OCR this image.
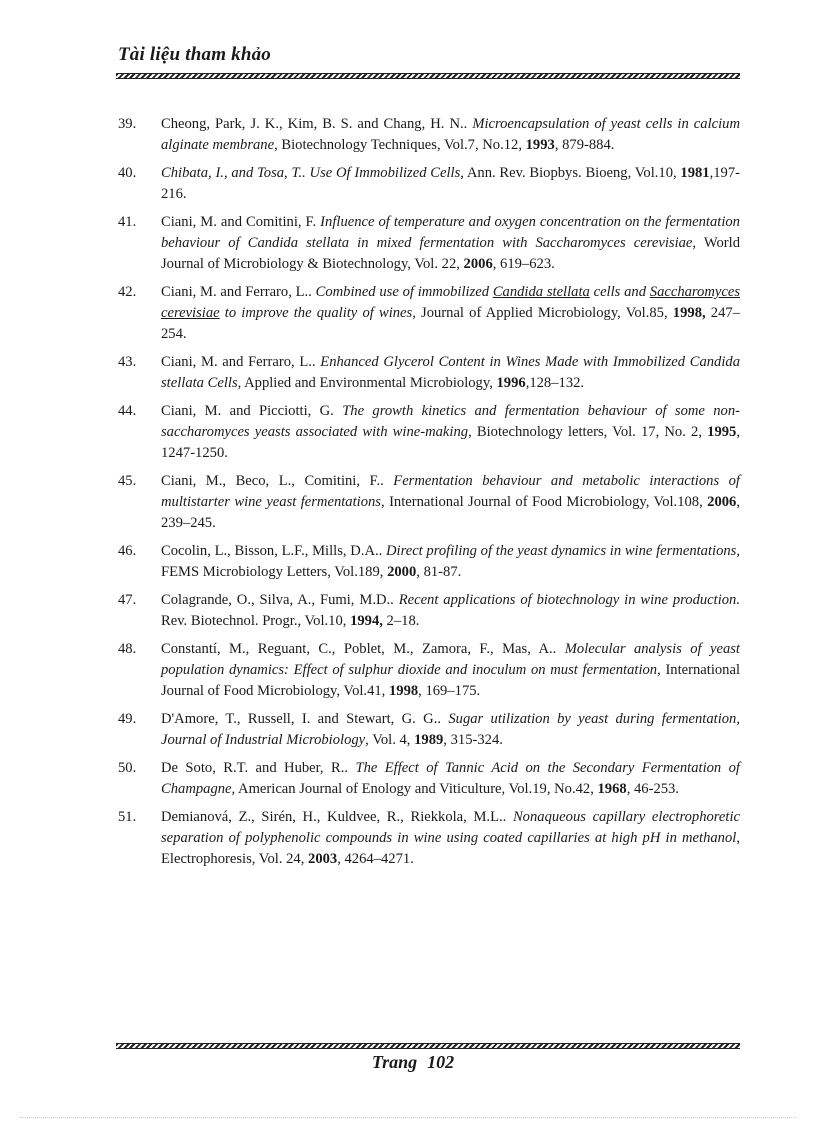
Tài liệu tham khảo
39. Cheong, Park, J. K., Kim, B. S. and Chang, H. N.. Microencapsulation of yeast cells in calcium alginate membrane, Biotechnology Techniques, Vol.7, No.12, 1993, 879-884.
40. Chibata, I., and Tosa, T.. Use Of Immobilized Cells, Ann. Rev. Biopbys. Bioeng, Vol.10, 1981,197-216.
41. Ciani, M. and Comitini, F. Influence of temperature and oxygen concentration on the fermentation behaviour of Candida stellata in mixed fermentation with Saccharomyces cerevisiae, World Journal of Microbiology & Biotechnology, Vol. 22, 2006, 619–623.
42. Ciani, M. and Ferraro, L.. Combined use of immobilized Candida stellata cells and Saccharomyces cerevisiae to improve the quality of wines, Journal of Applied Microbiology, Vol.85, 1998, 247–254.
43. Ciani, M. and Ferraro, L.. Enhanced Glycerol Content in Wines Made with Immobilized Candida stellata Cells, Applied and Environmental Microbiology, 1996,128–132.
44. Ciani, M. and Picciotti, G. The growth kinetics and fermentation behaviour of some non-saccharomyces yeasts associated with wine-making, Biotechnology letters, Vol. 17, No. 2, 1995, 1247-1250.
45. Ciani, M., Beco, L., Comitini, F.. Fermentation behaviour and metabolic interactions of multistarter wine yeast fermentations, International Journal of Food Microbiology, Vol.108, 2006, 239–245.
46. Cocolin, L., Bisson, L.F., Mills, D.A.. Direct profiling of the yeast dynamics in wine fermentations, FEMS Microbiology Letters, Vol.189, 2000, 81-87.
47. Colagrande, O., Silva, A., Fumi, M.D.. Recent applications of biotechnology in wine production. Rev. Biotechnol. Progr., Vol.10, 1994, 2–18.
48. Constantí, M., Reguant, C., Poblet, M., Zamora, F., Mas, A.. Molecular analysis of yeast population dynamics: Effect of sulphur dioxide and inoculum on must fermentation, International Journal of Food Microbiology, Vol.41, 1998, 169–175.
49. D'Amore, T., Russell, I. and Stewart, G. G.. Sugar utilization by yeast during fermentation, Journal of Industrial Microbiology, Vol. 4, 1989, 315-324.
50. De Soto, R.T. and Huber, R.. The Effect of Tannic Acid on the Secondary Fermentation of Champagne, American Journal of Enology and Viticulture, Vol.19, No.42, 1968, 46-253.
51. Demianová, Z., Sirén, H., Kuldvee, R., Riekkola, M.L.. Nonaqueous capillary electrophoretic separation of polyphenolic compounds in wine using coated capillaries at high pH in methanol, Electrophoresis, Vol. 24, 2003, 4264–4271.
Trang 102
